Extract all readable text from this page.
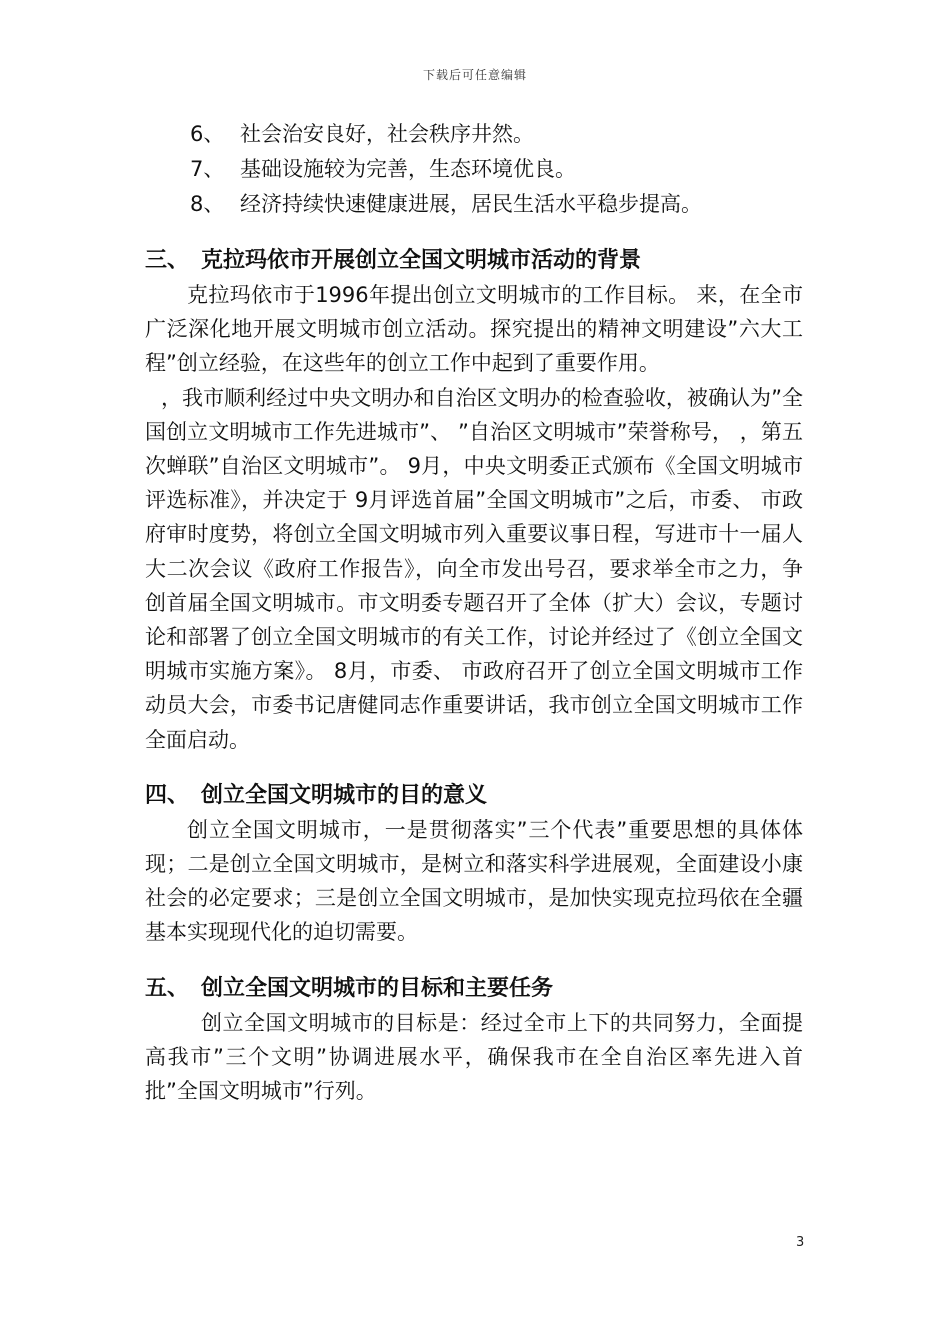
下载后可任意编辑
6、 社会治安良好，社会秩序井然。
7、 基础设施较为完善，生态环境优良。
8、 经济持续快速健康进展，居民生活水平稳步提高。
三、 克拉玛依市开展创立全国文明城市活动的背景

克拉玛依市于1996年提出创立文明城市的工作目标。 来，在全市广泛深化地开展文明城市创立活动。探究提出的精神文明建设”六大工程”创立经验，在这些年的创立工作中起到了重要作用。

，我市顺利经过中央文明办和自治区文明办的检查验收，被确认为”全国创立文明城市工作先进城市”、 ”自治区文明城市”荣誉称号， ，第五次蝉联”自治区文明城市”。 9月，中央文明委正式颁布《全国文明城市评选标准》，并决定于 9月评选首届”全国文明城市”之后，市委、 市政府审时度势，将创立全国文明城市列入重要议事日程，写进市十一届人大二次会议《政府工作报告》，向全市发出号召，要求举全市之力，争创首届全国文明城市。市文明委专题召开了全体（扩大）会议，专题讨论和部署了创立全国文明城市的有关工作，讨论并经过了《创立全国文明城市实施方案》。 8月，市委、 市政府召开了创立全国文明城市工作动员大会，市委书记唐健同志作重要讲话，我市创立全国文明城市工作全面启动。

四、 创立全国文明城市的目的意义

创立全国文明城市，一是贯彻落实”三个代表”重要思想的具体体现；二是创立全国文明城市，是树立和落实科学进展观，全面建设小康社会的必定要求；三是创立全国文明城市，是加快实现克拉玛依在全疆基本实现现代化的迫切需要。

五、 创立全国文明城市的目标和主要任务

创立全国文明城市的目标是：经过全市上下的共同努力，全面提高我市”三个文明”协调进展水平，确保我市在全自治区率先进入首批”全国文明城市”行列。

3
